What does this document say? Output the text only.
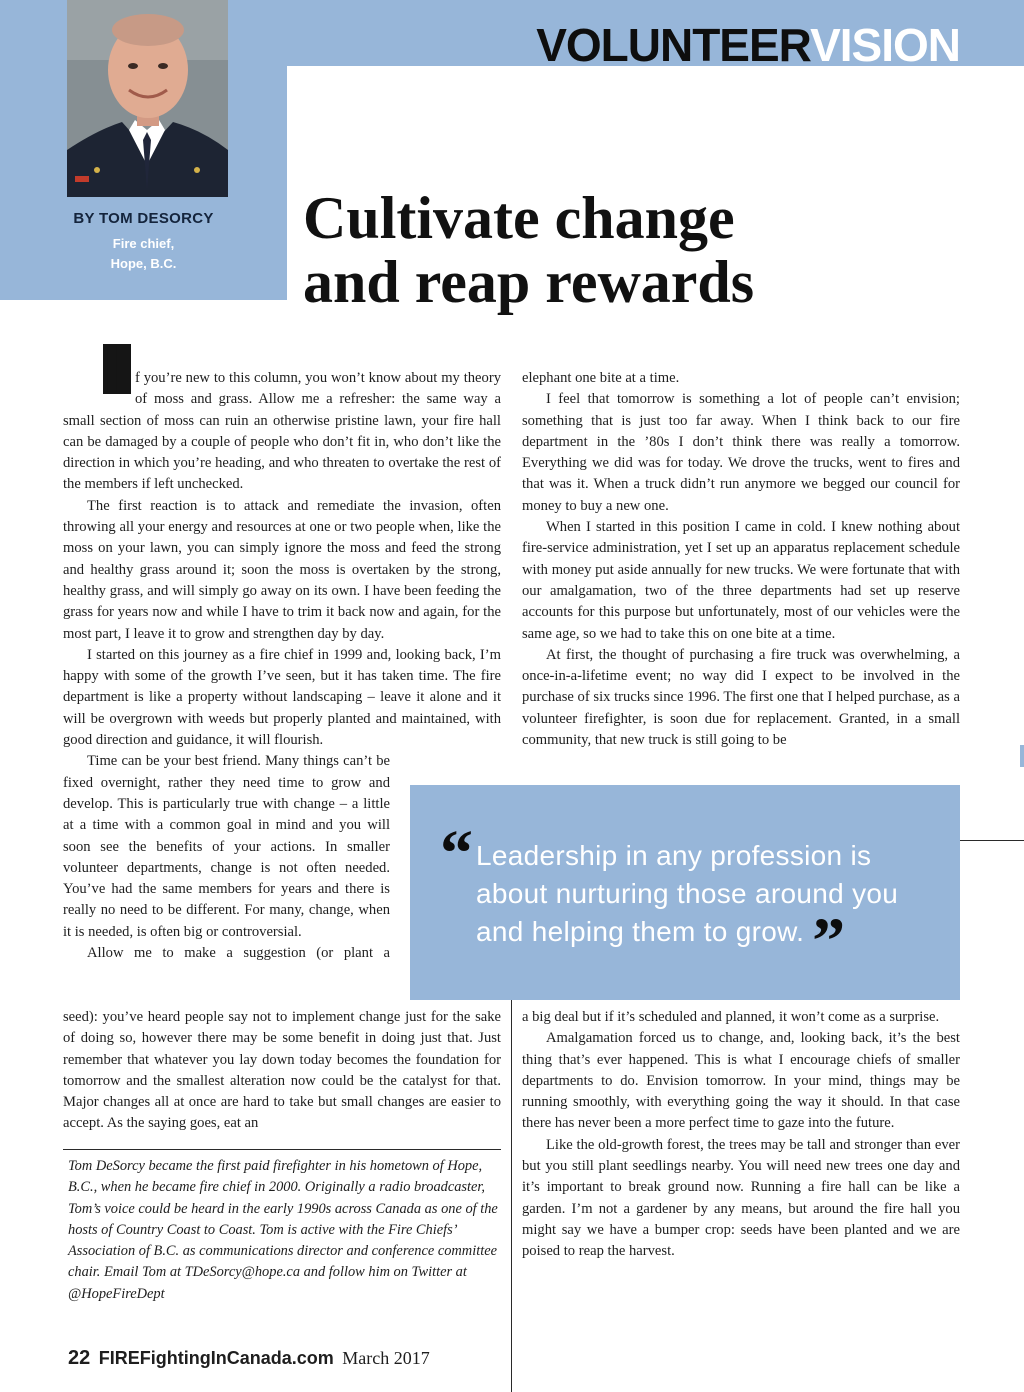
VOLUNTEERVISION
BY TOM DESORCY
Fire chief,
Hope, B.C.
Cultivate change
and reap rewards

I f you’re new to this column, you won’t know about my theory of moss and grass. Allow me a refresher: the same way a small section of moss can ruin an otherwise pristine lawn, your fire hall can be damaged by a couple of people who don’t fit in, who don’t like the direction in which you’re heading, and who threaten to overtake the rest of the members if left unchecked.

The first reaction is to attack and remediate the invasion, often throwing all your energy and resources at one or two people when, like the moss on your lawn, you can simply ignore the moss and feed the strong and healthy grass around it; soon the moss is overtaken by the strong, healthy grass, and will simply go away on its own. I have been feeding the grass for years now and while I have to trim it back now and again, for the most part, I leave it to grow and strengthen day by day.

I started on this journey as a fire chief in 1999 and, looking back, I’m happy with some of the growth I’ve seen, but it has taken time. The fire department is like a property without landscaping – leave it alone and it will be overgrown with weeds but properly planted and maintained, with good direction and guidance, it will flourish.

Time can be your best friend. Many things can’t be fixed overnight, rather they need time to grow and develop. This is particularly true with change – a little at a time with a common goal in mind and you will soon see the benefits of your actions. In smaller volunteer departments, change is not often needed. You’ve had the same members for years and there is really no need to be different. For many, change, when it is needed, is often big or controversial.

Allow me to make a suggestion (or plant a

elephant one bite at a time.

I feel that tomorrow is something a lot of people can’t envision; something that is just too far away. When I think back to our fire department in the ’80s I don’t think there was really a tomorrow. Everything we did was for today. We drove the trucks, went to fires and that was it. When a truck didn’t run anymore we begged our council for money to buy a new one.

When I started in this position I came in cold. I knew nothing about fire-service administration, yet I set up an apparatus replacement schedule with money put aside annually for new trucks. We were fortunate that with our amalgamation, two of the three departments had set up reserve accounts for this purpose but unfortunately, most of our vehicles were the same age, so we had to take this on one bite at a time.

At first, the thought of purchasing a fire truck was overwhelming, a once-in-a-lifetime event; no way did I expect to be involved in the purchase of six trucks since 1996. The first one that I helped purchase, as a volunteer firefighter, is soon due for replacement. Granted, in a small community, that new truck is still going to be

“ Leadership in any profession is about nurturing those around you and helping them to grow. ”

seed): you’ve heard people say not to implement change just for the sake of doing so, however there may be some benefit in doing just that. Just remember that whatever you lay down today becomes the foundation for tomorrow and the smallest alteration now could be the catalyst for that. Major changes all at once are hard to take but small changes are easier to accept. As the saying goes, eat an

a big deal but if it’s scheduled and planned, it won’t come as a surprise.

Amalgamation forced us to change, and, looking back, it’s the best thing that’s ever happened. This is what I encourage chiefs of smaller departments to do. Envision tomorrow. In your mind, things may be running smoothly, with everything going the way it should. In that case there has never been a more perfect time to gaze into the future.

Like the old-growth forest, the trees may be tall and stronger than ever but you still plant seedlings nearby. You will need new trees one day and it’s important to break ground now. Running a fire hall can be like a garden. I’m not a gardener by any means, but around the fire hall you might say we have a bumper crop: seeds have been planted and we are poised to reap the harvest.

Tom DeSorcy became the first paid firefighter in his hometown of Hope, B.C., when he became fire chief in 2000. Originally a radio broadcaster, Tom’s voice could be heard in the early 1990s across Canada as one of the hosts of Country Coast to Coast. Tom is active with the Fire Chiefs’ Association of B.C. as communications director and conference committee chair. Email Tom at TDeSorcy@hope.ca and follow him on Twitter at @HopeFireDept
22 FIREFightingInCanada.com March 2017
